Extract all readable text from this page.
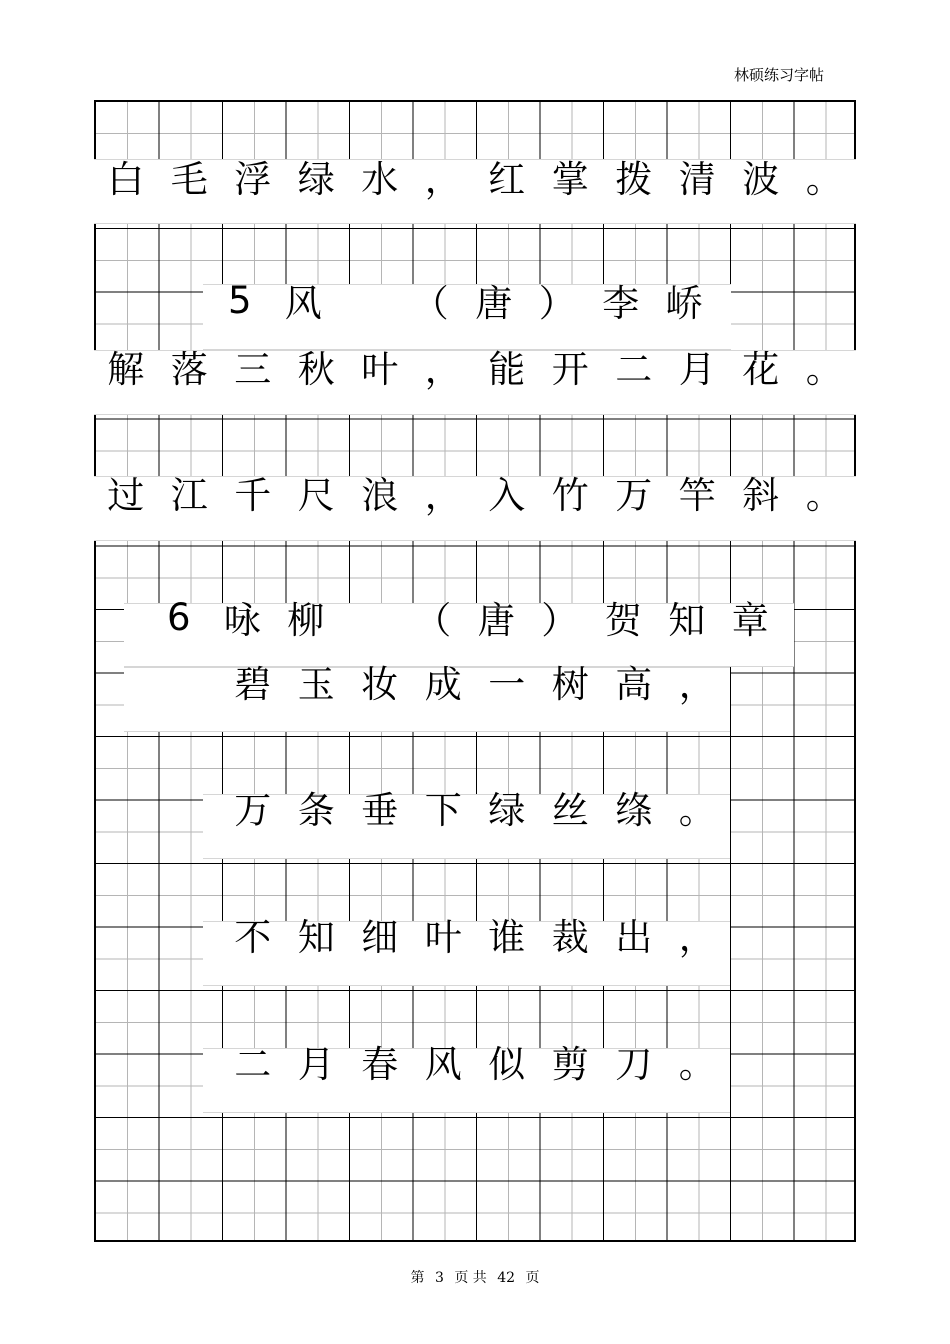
林硕练习字帖
白 毛 浮 绿 水 ， 红 掌 拨 清 波 。
5 风	（ 唐 ） 李 峤
解 落 三 秋 叶 ， 能 开 二 月 花 。
过 江 千 尺 浪 ， 入 竹 万 竿 斜 。
6 咏 柳	（ 唐 ） 贺 知 章
碧 玉 妆 成 一 树 高 ，
万 条 垂 下 绿 丝 绦 。
不 知 细 叶 谁 裁 出 ，
二 月 春 风 似 剪 刀 。
第 3 页 共 42 页
